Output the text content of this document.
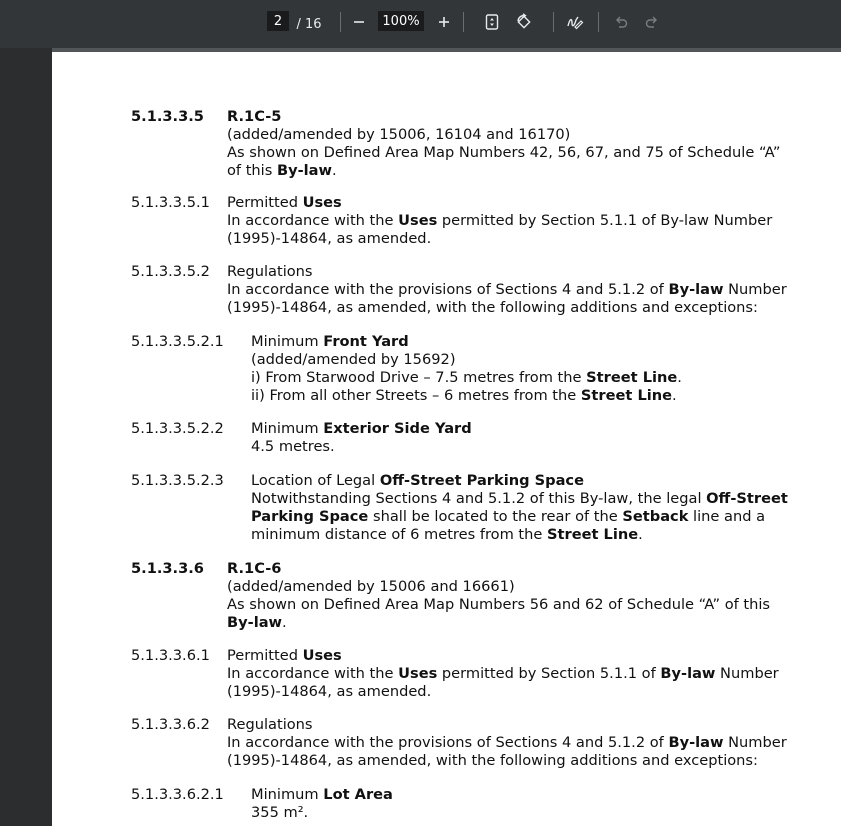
2	/ 16	100%
5.1.3.3.5 R.1C-5
(added/amended by 15006, 16104 and 16170)
As shown on Defined Area Map Numbers 42, 56, 67, and 75 of Schedule “A”
of this By-law.
5.1.3.3.5.1 Permitted Uses
In accordance with the Uses permitted by Section 5.1.1 of By-law Number
(1995)-14864, as amended.
5.1.3.3.5.2 Regulations
In accordance with the provisions of Sections 4 and 5.1.2 of By-law Number
(1995)-14864, as amended, with the following additions and exceptions:
5.1.3.3.5.2.1 Minimum Front Yard
(added/amended by 15692)
i) From Starwood Drive – 7.5 metres from the Street Line.
ii) From all other Streets – 6 metres from the Street Line.
5.1.3.3.5.2.2 Minimum Exterior Side Yard
4.5 metres.
5.1.3.3.5.2.3 Location of Legal Off-Street Parking Space
Notwithstanding Sections 4 and 5.1.2 of this By-law, the legal Off-Street
Parking Space shall be located to the rear of the Setback line and a
minimum distance of 6 metres from the Street Line.
5.1.3.3.6 R.1C-6
(added/amended by 15006 and 16661)
As shown on Defined Area Map Numbers 56 and 62 of Schedule “A” of this
By-law.
5.1.3.3.6.1 Permitted Uses
In accordance with the Uses permitted by Section 5.1.1 of By-law Number
(1995)-14864, as amended.
5.1.3.3.6.2 Regulations
In accordance with the provisions of Sections 4 and 5.1.2 of By-law Number
(1995)-14864, as amended, with the following additions and exceptions:
5.1.3.3.6.2.1 Minimum Lot Area
355 m².
